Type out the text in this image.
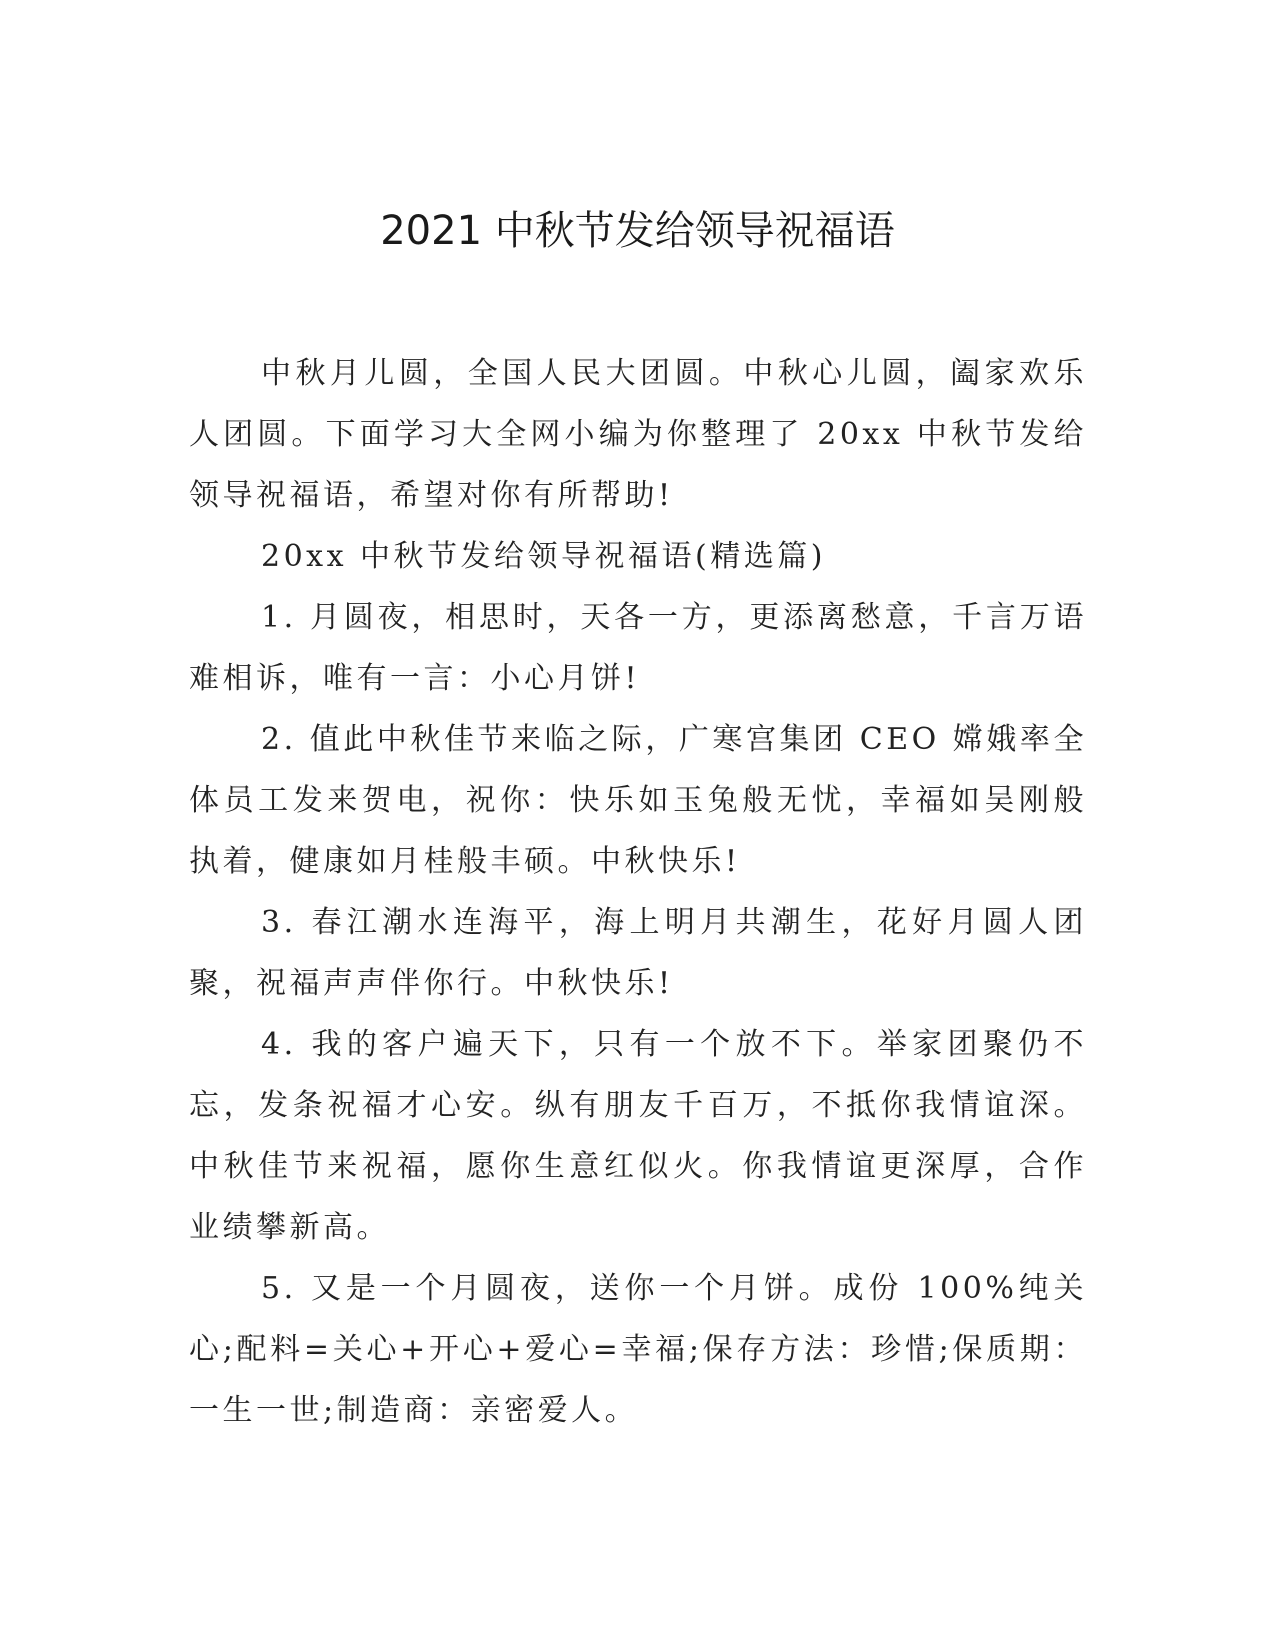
2021 中秋节发给领导祝福语

中秋月儿圆，全国人民大团圆。中秋心儿圆，阖家欢乐人团圆。下面学习大全网小编为你整理了 20xx 中秋节发给领导祝福语，希望对你有所帮助!

20xx 中秋节发给领导祝福语(精选篇)

1. 月圆夜，相思时，天各一方，更添离愁意，千言万语难相诉，唯有一言：小心月饼!

2. 值此中秋佳节来临之际，广寒宫集团 CEO 嫦娥率全体员工发来贺电，祝你：快乐如玉兔般无忧，幸福如吴刚般执着，健康如月桂般丰硕。中秋快乐!

3. 春江潮水连海平，海上明月共潮生，花好月圆人团聚，祝福声声伴你行。中秋快乐!

4. 我的客户遍天下，只有一个放不下。举家团聚仍不忘，发条祝福才心安。纵有朋友千百万，不抵你我情谊深。中秋佳节来祝福，愿你生意红似火。你我情谊更深厚，合作业绩攀新高。

5. 又是一个月圆夜，送你一个月饼。成份 100%纯关心;配料=关心+开心+爱心=幸福;保存方法：珍惜;保质期：一生一世;制造商：亲密爱人。
